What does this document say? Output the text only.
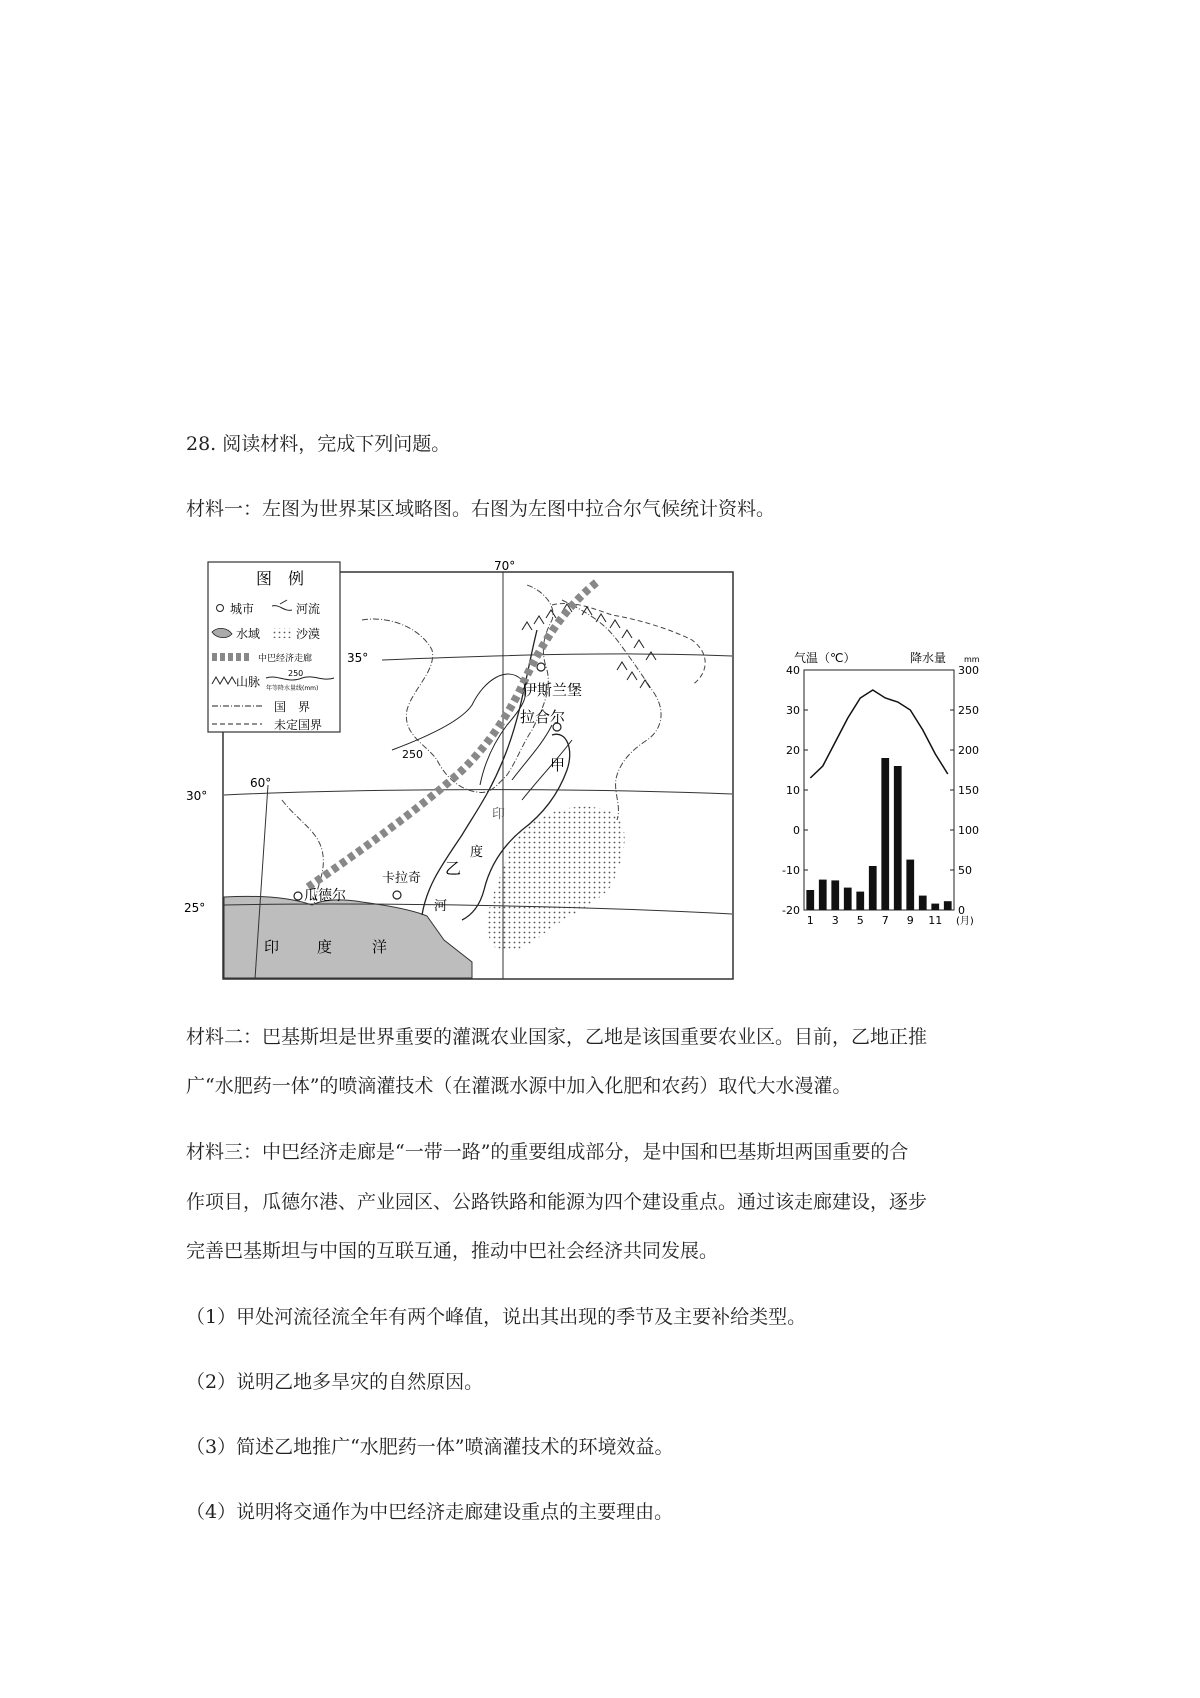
28. 阅读材料，完成下列问题。
材料一：左图为世界某区域略图。右图为左图中拉合尔气候统计资料。
70°
35°
30°
60°
25°
250
伊斯兰堡
拉合尔
甲
乙
瓜德尔
卡拉奇
印
度
河
印 度	洋
图　例
城市	河流
水域	沙漠
中巴经济走廊
山脉
250
年等降水量线(mm)
国　界
未定国界
气温（℃）	降水量 mm
40
30
20
10
0
-10
-20
300
250
200
150
100
50
0
1 3 5 7 9 11 (月)
材料二：巴基斯坦是世界重要的灌溉农业国家，乙地是该国重要农业区。目前，乙地正推
广“水肥药一体”的喷滴灌技术（在灌溉水源中加入化肥和农药）取代大水漫灌。
材料三：中巴经济走廊是“一带一路”的重要组成部分，是中国和巴基斯坦两国重要的合
作项目，瓜德尔港、产业园区、公路铁路和能源为四个建设重点。通过该走廊建设，逐步
完善巴基斯坦与中国的互联互通，推动中巴社会经济共同发展。
（1）甲处河流径流全年有两个峰值，说出其出现的季节及主要补给类型。
（2）说明乙地多旱灾的自然原因。
（3）简述乙地推广“水肥药一体”喷滴灌技术的环境效益。
（4）说明将交通作为中巴经济走廊建设重点的主要理由。
